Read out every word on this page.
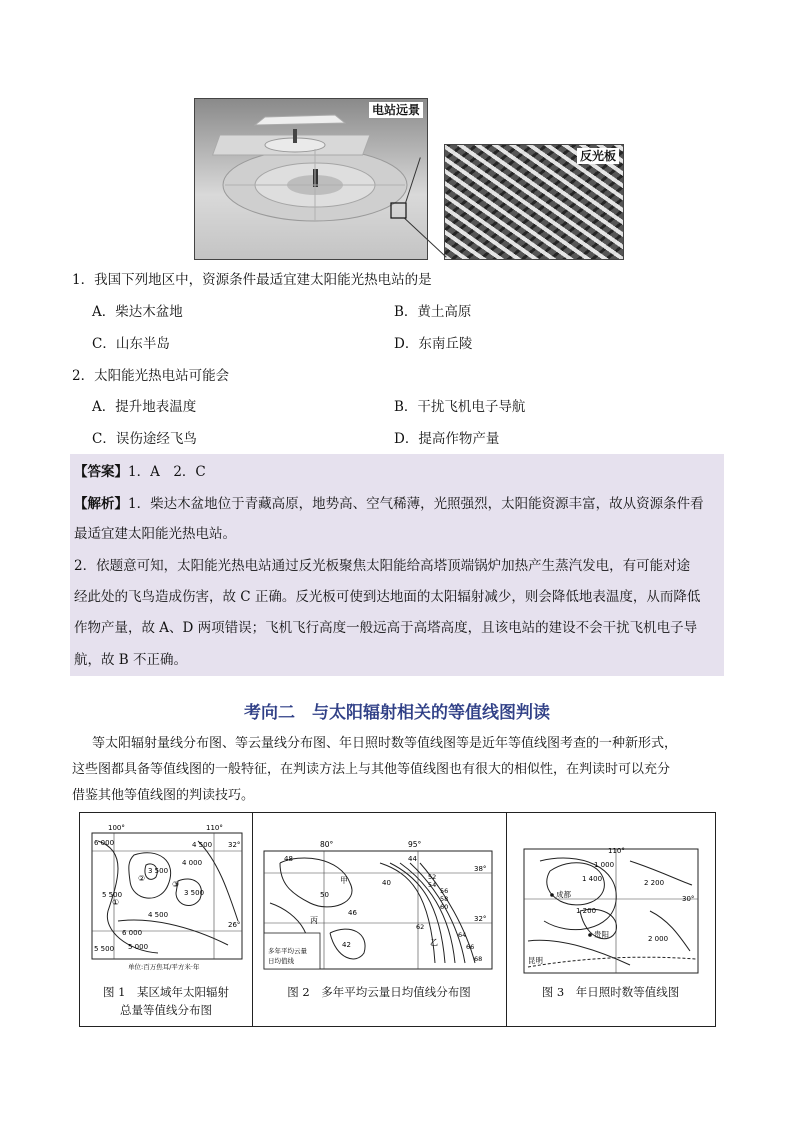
电站远景
反光板
1．我国下列地区中，资源条件最适宜建太阳能光热电站的是
A．柴达木盆地	B．黄土高原
C．山东半岛	D．东南丘陵
2．太阳能光热电站可能会
A．提升地表温度	B．干扰飞机电子导航
C．误伤途经飞鸟	D．提高作物产量
【答案】1．A　2．C
【解析】1．柴达木盆地位于青藏高原，地势高、空气稀薄，光照强烈，太阳能资源丰富，故从资源条件看
最适宜建太阳能光热电站。
2．依题意可知，太阳能光热电站通过反光板聚焦太阳能给高塔顶端锅炉加热产生蒸汽发电，有可能对途
经此处的飞鸟造成伤害，故 C 正确。反光板可使到达地面的太阳辐射减少，则会降低地表温度，从而降低
作物产量，故 A、D 两项错误；飞机飞行高度一般远高于高塔高度，且该电站的建设不会干扰飞机电子导
航，故 B 不正确。
考向二　与太阳辐射相关的等值线图判读
等太阳辐射量线分布图、等云量线分布图、年日照时数等值线图等是近年等值线图考查的一种新形式，
这些图都具备等值线图的一般特征，在判读方法上与其他等值线图也有很大的相似性，在判读时可以充分
借鉴其他等值线图的判读技巧。
100°	110°
32°
26°
6 000	4 500
4 000
3 500
3 500
5 500
5 500 5 000
4 500
6 000
①
②
③
单位:百万焦耳/平方米·年
图 1　某区域年太阳辐射
总量等值线分布图
80°	95°
38°
32°
48
50
46
44
40
42
52
54
56
58
60
62
64
66
68
甲
乙
丙
多年平均云量
日均值线
图 2　多年平均云量日均值线分布图
110°
30°
1 400
1 200
1 000
2 200
2 000
成都
贵阳
昆明
图 3　年日照时数等值线图
